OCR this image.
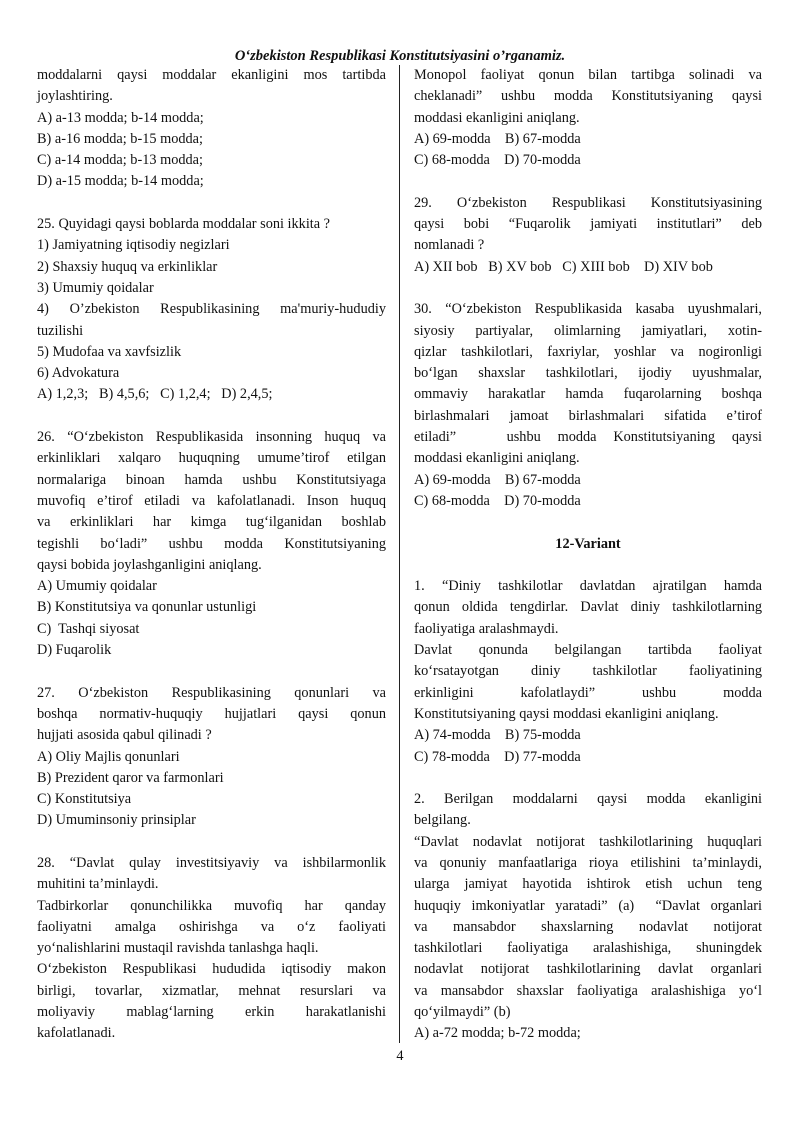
O‘zbekiston Respublikasi Konstitutsiyasini o’rganamiz.

moddalarni qaysi moddalar ekanligini mos tartibda

joylashtiring.

A) a-13 modda; b-14 modda;

B) a-16 modda; b-15 modda;

C) a-14 modda; b-13 modda;

D) a-15 modda; b-14 modda;

25. Quyidagi qaysi boblarda moddalar soni ikkita ?

1) Jamiyatning iqtisodiy negizlari

2) Shaxsiy huquq va erkinliklar

3) Umumiy qoidalar

4) O’zbekiston Respublikasining ma'muriy-hududiy

tuzilishi

5) Mudofaa va xavfsizlik

6) Advokatura

A) 1,2,3;   B) 4,5,6;   C) 1,2,4;   D) 2,4,5;

26. “O‘zbekiston Respublikasida insonning huquq va

erkinliklari xalqaro huquqning umume’tirof etilgan

normalariga binoan hamda ushbu Konstitutsiyaga

muvofiq e’tirof etiladi va kafolatlanadi. Inson huquq

va erkinliklari har kimga tug‘ilganidan boshlab

tegishli bo‘ladi” ushbu modda Konstitutsiyaning

qaysi bobida joylashganligini aniqlang.

A) Umumiy qoidalar

B) Konstitutsiya va qonunlar ustunligi

C)  Tashqi siyosat

D) Fuqarolik

27. O‘zbekiston Respublikasining qonunlari va

boshqa normativ-huquqiy hujjatlari qaysi qonun

hujjati asosida qabul qilinadi ?

A) Oliy Majlis qonunlari

B) Prezident qaror va farmonlari

C) Konstitutsiya

D) Umuminsoniy prinsiplar

28. “Davlat qulay investitsiyaviy va ishbilarmonlik

muhitini ta’minlaydi.

Tadbirkorlar qonunchilikka muvofiq har qanday

faoliyatni amalga oshirishga va o‘z faoliyati

yo‘nalishlarini mustaqil ravishda tanlashga haqli.

O‘zbekiston Respublikasi hududida iqtisodiy makon

birligi, tovarlar, xizmatlar, mehnat resurslari va

moliyaviy mablag‘larning erkin harakatlanishi

kafolatlanadi.

Monopol faoliyat qonun bilan tartibga solinadi va

cheklanadi” ushbu modda Konstitutsiyaning qaysi

moddasi ekanligini aniqlang.

A) 69-modda    B) 67-modda

C) 68-modda    D) 70-modda

29. O‘zbekiston Respublikasi Konstitutsiyasining

qaysi bobi “Fuqarolik jamiyati institutlari” deb

nomlanadi ?

A) XII bob   B) XV bob   C) XIII bob    D) XIV bob

30. “O‘zbekiston Respublikasida kasaba uyushmalari,

siyosiy partiyalar, olimlarning jamiyatlari, xotin-

qizlar tashkilotlari, faxriylar, yoshlar va nogironligi

bo‘lgan shaxslar tashkilotlari, ijodiy uyushmalar,

ommaviy harakatlar hamda fuqarolarning boshqa

birlashmalari jamoat birlashmalari sifatida e’tirof

etiladi”   ushbu modda Konstitutsiyaning qaysi

moddasi ekanligini aniqlang.

A) 69-modda    B) 67-modda

C) 68-modda    D) 70-modda

12-Variant

1. “Diniy tashkilotlar davlatdan ajratilgan hamda

qonun oldida tengdirlar. Davlat diniy tashkilotlarning

faoliyatiga aralashmaydi.

Davlat qonunda belgilangan tartibda faoliyat

ko‘rsatayotgan diniy tashkilotlar faoliyatining

erkinligini kafolatlaydi” ushbu modda

Konstitutsiyaning qaysi moddasi ekanligini aniqlang.

A) 74-modda    B) 75-modda

C) 78-modda    D) 77-modda

2. Berilgan moddalarni qaysi modda ekanligini

belgilang.

“Davlat nodavlat notijorat tashkilotlarining huquqlari

va qonuniy manfaatlariga rioya etilishini ta’minlaydi,

ularga jamiyat hayotida ishtirok etish uchun teng

huquqiy imkoniyatlar yaratadi” (a)  “Davlat organlari

va mansabdor shaxslarning nodavlat notijorat

tashkilotlari faoliyatiga aralashishiga, shuningdek

nodavlat notijorat tashkilotlarining davlat organlari

va mansabdor shaxslar faoliyatiga aralashishiga yo‘l

qo‘yilmaydi” (b)

A) a-72 modda; b-72 modda;

4
